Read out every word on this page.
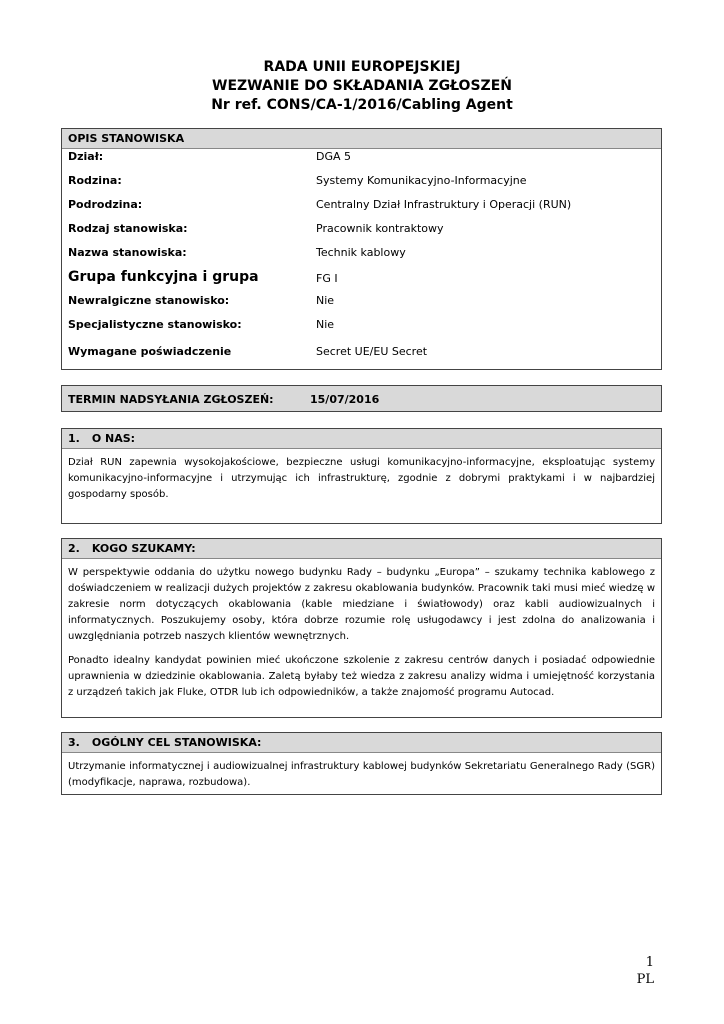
RADA UNII EUROPEJSKIEJ
WEZWANIE DO SKŁADANIA ZGŁOSZEŃ
Nr ref. CONS/CA-1/2016/Cabling Agent
OPIS STANOWISKA
Dział:	DGA 5
Rodzina:	Systemy Komunikacyjno-Informacyjne
Podrodzina:	Centralny Dział Infrastruktury i Operacji (RUN)
Rodzaj stanowiska:	Pracownik kontraktowy
Nazwa stanowiska:	Technik kablowy
Grupa funkcyjna i grupa	FG I
Newralgiczne stanowisko:	Nie
Specjalistyczne stanowisko:	Nie
Wymagane poświadczenie	Secret UE/EU Secret
TERMIN NADSYŁANIA ZGŁOSZEŃ:	15/07/2016
1. O NAS:

Dział RUN zapewnia wysokojakościowe, bezpieczne usługi komunikacyjno-informacyjne, eksploatując systemy komunikacyjno-informacyjne i utrzymując ich infrastrukturę, zgodnie z dobrymi praktykami i w najbardziej gospodarny sposób.

2. KOGO SZUKAMY:

W perspektywie oddania do użytku nowego budynku Rady – budynku „Europa” – szukamy technika kablowego z doświadczeniem w realizacji dużych projektów z zakresu okablowania budynków. Pracownik taki musi mieć wiedzę w zakresie norm dotyczących okablowania (kable miedziane i światłowody) oraz kabli audiowizualnych i informatycznych. Poszukujemy osoby, która dobrze rozumie rolę usługodawcy i jest zdolna do analizowania i uwzględniania potrzeb naszych klientów wewnętrznych.

Ponadto idealny kandydat powinien mieć ukończone szkolenie z zakresu centrów danych i posiadać odpowiednie uprawnienia w dziedzinie okablowania. Zaletą byłaby też wiedza z zakresu analizy widma i umiejętność korzystania z urządzeń takich jak Fluke, OTDR lub ich odpowiedników, a także znajomość programu Autocad.

3. OGÓLNY CEL STANOWISKA:

Utrzymanie informatycznej i audiowizualnej infrastruktury kablowej budynków Sekretariatu Generalnego Rady (SGR) (modyfikacje, naprawa, rozbudowa).

1
PL
